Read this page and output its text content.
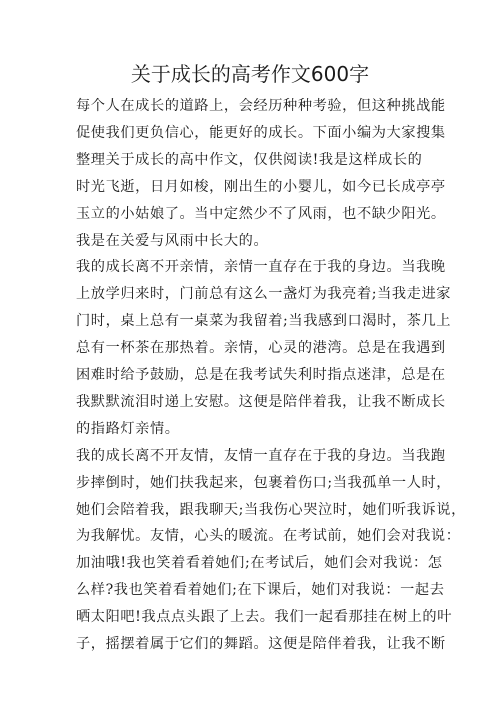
关于成长的高考作文600字
每个人在成长的道路上，会经历种种考验，但这种挑战能
促使我们更负信心，能更好的成长。下面小编为大家搜集
整理关于成长的高中作文，仅供阅读!我是这样成长的
时光飞逝，日月如梭，刚出生的小婴儿，如今已长成亭亭
玉立的小姑娘了。当中定然少不了风雨，也不缺少阳光。
我是在关爱与风雨中长大的。
我的成长离不开亲情，亲情一直存在于我的身边。当我晚
上放学归来时，门前总有这么一盏灯为我亮着;当我走进家
门时，桌上总有一桌菜为我留着;当我感到口渴时，茶几上
总有一杯茶在那热着。亲情，心灵的港湾。总是在我遇到
困难时给予鼓励，总是在我考试失利时指点迷津，总是在
我默默流泪时递上安慰。这便是陪伴着我，让我不断成长
的指路灯亲情。
我的成长离不开友情，友情一直存在于我的身边。当我跑
步摔倒时，她们扶我起来，包裹着伤口;当我孤单一人时，
她们会陪着我，跟我聊天;当我伤心哭泣时，她们听我诉说，
为我解忧。友情，心头的暖流。在考试前，她们会对我说：
加油哦!我也笑着看着她们;在考试后，她们会对我说：怎
么样?我也笑着看着她们;在下课后，她们对我说：一起去
晒太阳吧!我点点头跟了上去。我们一起看那挂在树上的叶
子，摇摆着属于它们的舞蹈。这便是陪伴着我，让我不断
